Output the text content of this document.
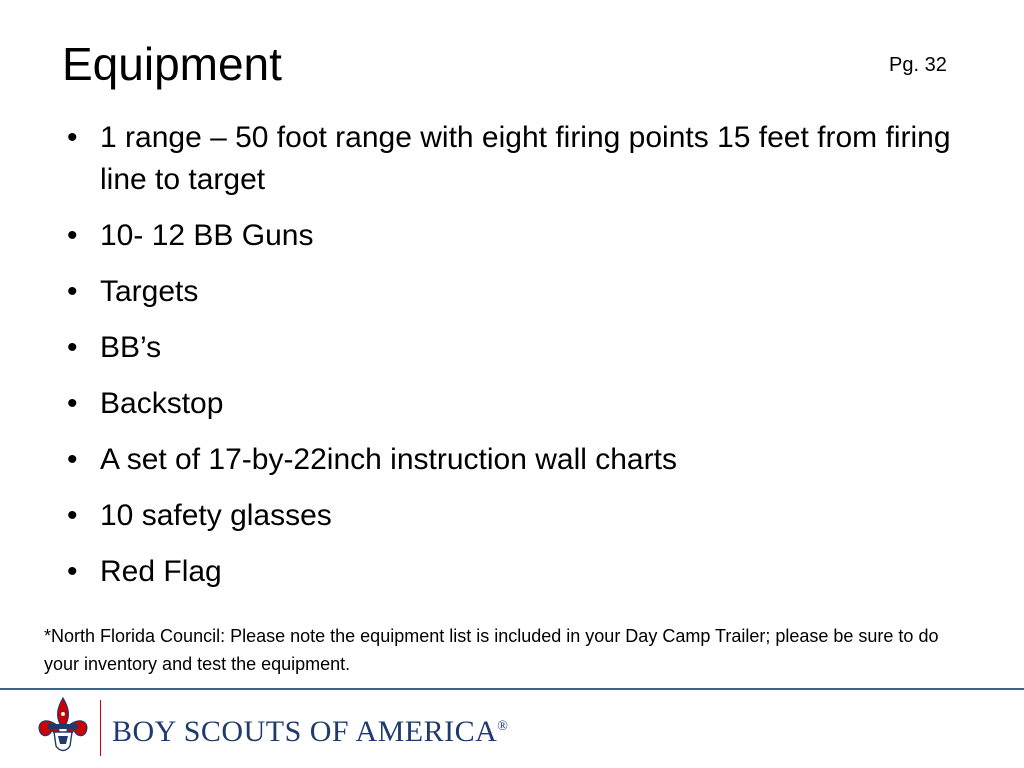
Equipment	Pg. 32
• 1 range – 50 foot range with eight firing points 15 feet from firing line to target
• 10- 12 BB Guns
• Targets
• BB’s
• Backstop
• A set of 17-by-22inch instruction wall charts
• 10 safety glasses
• Red Flag
*North Florida Council: Please note the equipment list is included in your Day Camp Trailer; please be sure to do your inventory and test the equipment.
BOY SCOUTS OF AMERICA®
